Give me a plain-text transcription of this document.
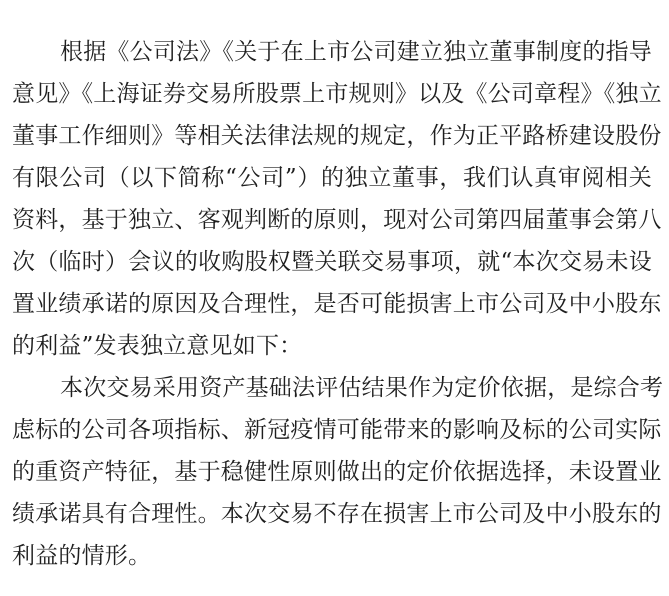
根据《公司法》《关于在上市公司建立独立董事制度的指导
意见》《上海证券交易所股票上市规则》以及《公司章程》《独立
董事工作细则》等相关法律法规的规定，作为正平路桥建设股份
有限公司（以下简称“公司”）的独立董事，我们认真审阅相关
资料，基于独立、客观判断的原则，现对公司第四届董事会第八
次（临时）会议的收购股权暨关联交易事项，就“本次交易未设
置业绩承诺的原因及合理性，是否可能损害上市公司及中小股东
的利益”发表独立意见如下：
本次交易采用资产基础法评估结果作为定价依据，是综合考
虑标的公司各项指标、新冠疫情可能带来的影响及标的公司实际
的重资产特征，基于稳健性原则做出的定价依据选择，未设置业
绩承诺具有合理性。本次交易不存在损害上市公司及中小股东的
利益的情形。
